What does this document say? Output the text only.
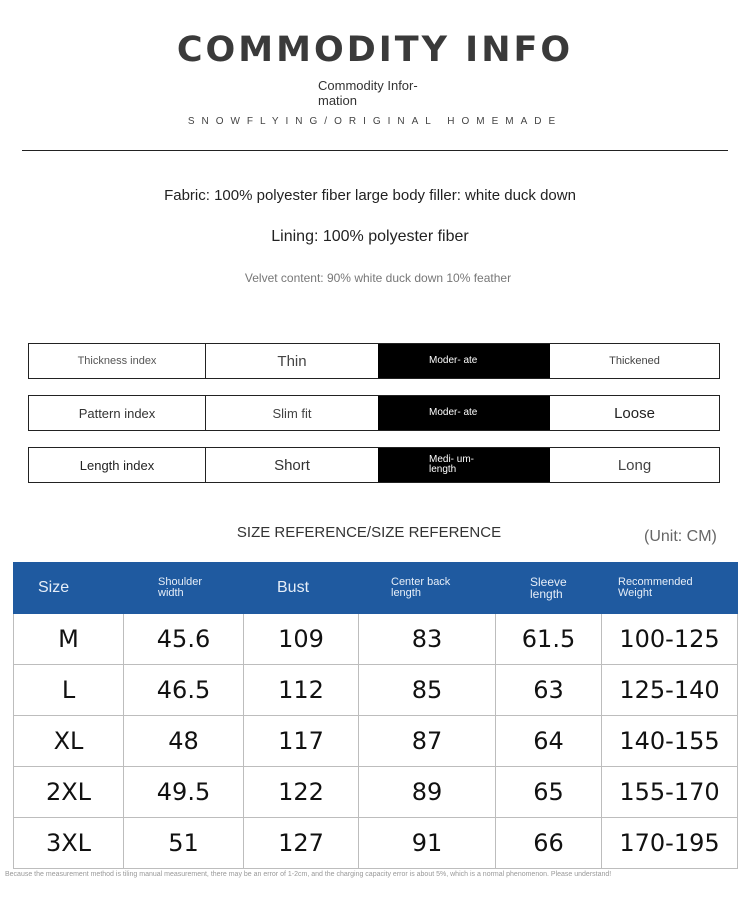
COMMODITY INFO
Commodity Infor- mation
SNOWFLYING/ORIGINAL HOMEMADE
Fabric: 100% polyester fiber large body filler: white duck down
Lining: 100% polyester fiber
Velvet content: 90% white duck down 10% feather
Thickness index	Thin	Moder- ate	Thickened
Pattern index	Slim fit	Moder- ate	Loose
Length index	Short	Medi- um-length	Long
SIZE REFERENCE/SIZE REFERENCE	(Unit: CM)
Size	Shoulder width	Bust	Center back length	Sleeve length	Recommended Weight

M	45.6	109	83	61.5	100-125
L	46.5	112	85	63	125-140
XL	48	117	87	64	140-155
2XL	49.5	122	89	65	155-170
3XL	51	127	91	66	170-195
Because the measurement method is tiling manual measurement, there may be an error of 1-2cm, and the charging capacity error is about 5%, which is a normal phenomenon. Please understand!
